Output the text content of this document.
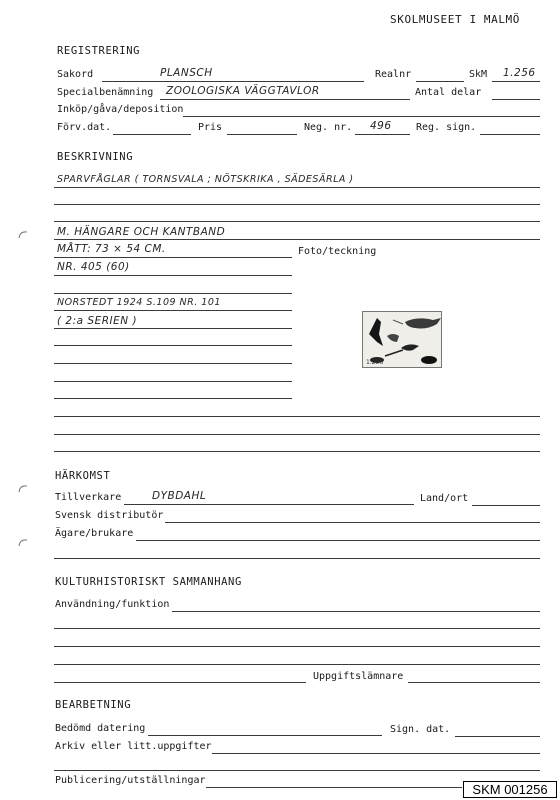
SKOLMUSEET I MALMÖ
REGISTRERING
Sakord	PLANSCH	Realnr	SkM 1.256
Specialbenämning ZOOLOGISKA VÄGGTAVLOR	Antal delar
Inköp/gåva/deposition
Förv.dat.	Pris	Neg. nr. 496 Reg. sign.
BESKRIVNING
SPARVFÅGLAR ( TORNSVALA ; NÖTSKRIKA , SÄDESÄRLA )
M. HÄNGARE OCH KANTBAND
MÅTT: 73 × 54 CM.	Foto/teckning
NR. 405 (60)
NORSTEDT 1924 S.109 NR. 101
( 2:a SERIEN )
1.256
HÄRKOMST
Tillverkare	DYBDAHL	Land/ort
Svensk distributör
Ägare/brukare
KULTURHISTORISKT SAMMANHANG
Användning/funktion
Uppgiftslämnare
BEARBETNING
Bedömd datering	Sign. dat.
Arkiv eller litt.uppgifter
Publicering/utställningar
SKM 001256
